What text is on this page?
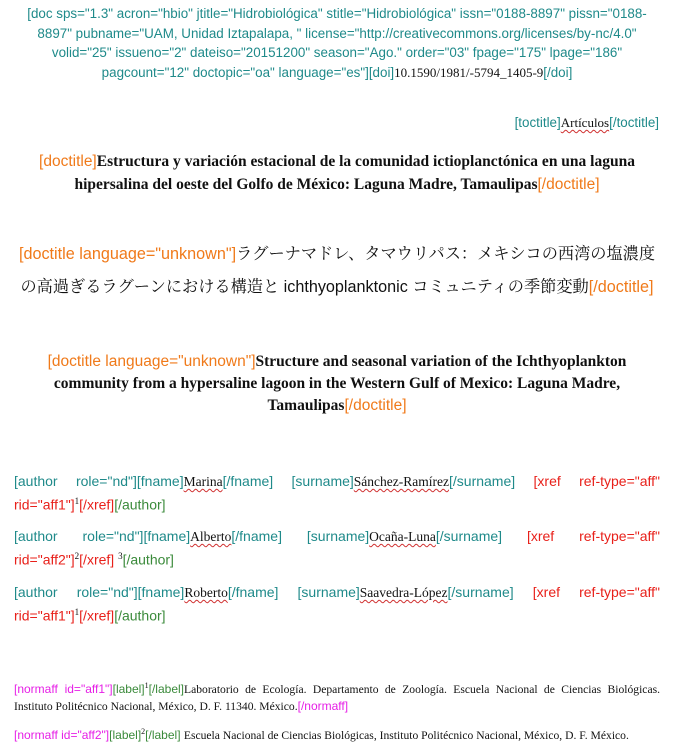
[doc sps="1.3" acron="hbio" jtitle="Hidrobiológica" stitle="Hidrobiológica" issn="0188-8897" pissn="0188-8897" pubname="UAM, Unidad Iztapalapa, " license="http://creativecommons.org/licenses/by-nc/4.0" volid="25" issueno="2" dateiso="20151200" season="Ago." order="03" fpage="175" lpage="186" pagcount="12" doctopic="oa" language="es"][doi]10.1590/1981/-5794_1405-9[/doi]
[toctitle]Artículos[/toctitle]
[doctitle]Estructura y variación estacional de la comunidad ictioplanctónica en una laguna hipersalina del oeste del Golfo de México: Laguna Madre, Tamaulipas[/doctitle]
[doctitle language="unknown"]ラグーナマドレ、タマウリパス：メキシコの西湾の塩濃度の高過ぎるラグーンにおける構造と ichthyoplanktonic コミュニティの季節変動[/doctitle]
[doctitle language="unknown"]Structure and seasonal variation of the Ichthyoplankton community from a hypersaline lagoon in the Western Gulf of Mexico: Laguna Madre, Tamaulipas[/doctitle]
[author role="nd"][fname]Marina[/fname] [surname]Sánchez-Ramírez[/surname] [xref ref-type="aff" rid="aff1"]$^1$[/xref][/author]
[author role="nd"][fname]Alberto[/fname] [surname]Ocaña-Luna[/surname] [xref ref-type="aff" rid="aff2"]$^2$[/xref] $^3$[/author]
[author role="nd"][fname]Roberto[/fname] [surname]Saavedra-López[/surname] [xref ref-type="aff" rid="aff1"]$^1$[/xref][/author]
[normaff id="aff1"][label]$^1$[/label]Laboratorio de Ecología. Departamento de Zoología. Escuela Nacional de Ciencias Biológicas. Instituto Politécnico Nacional, México, D. F. 11340. México.[/normaff]
[normaff id="aff2"][label]$^2$[/label] Escuela Nacional de Ciencias Biológicas, Instituto Politécnico Nacional, México, D. F. México.
